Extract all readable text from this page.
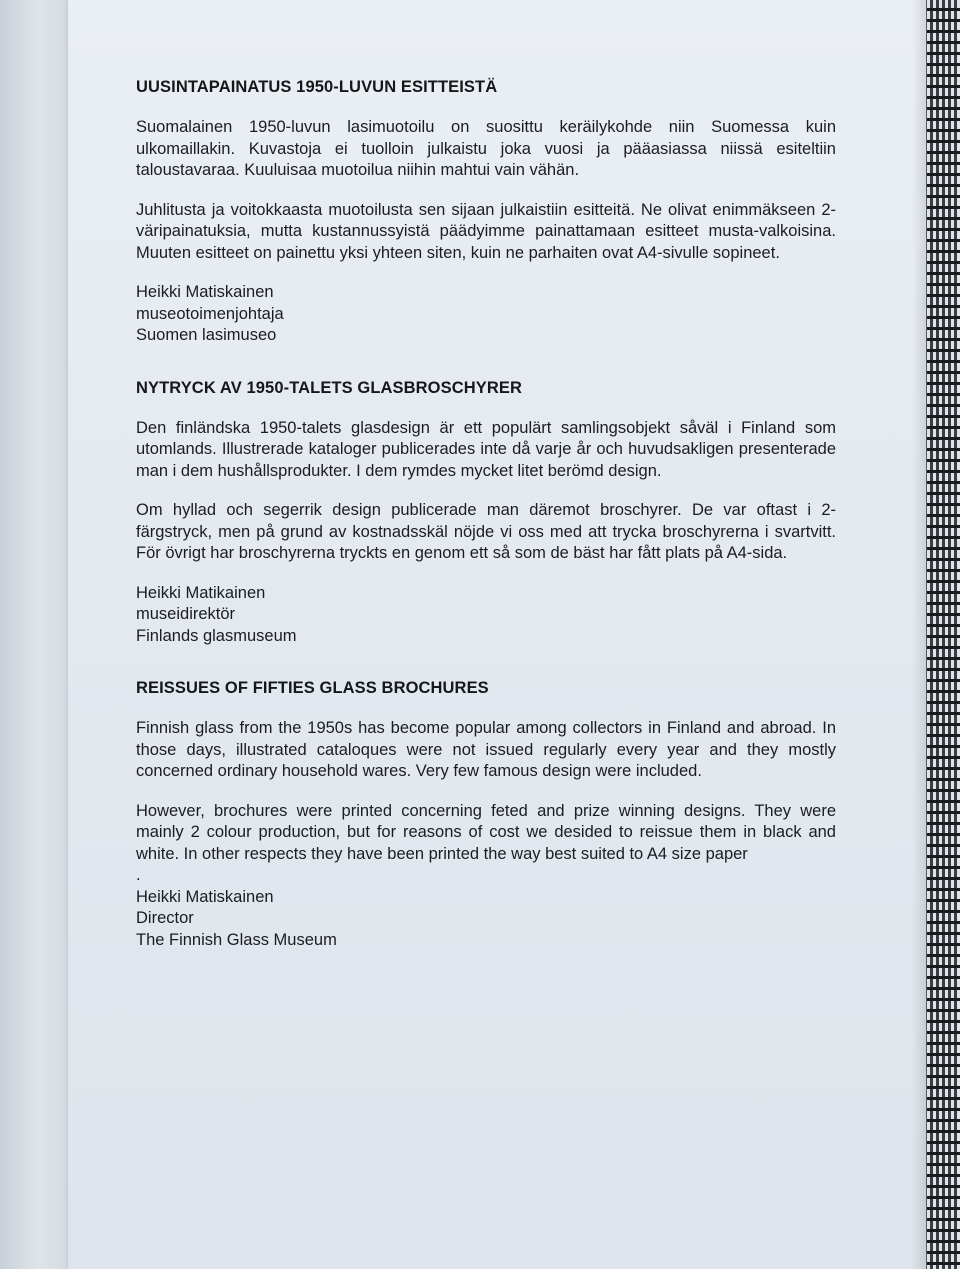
UUSINTAPAINATUS 1950-LUVUN ESITTEISTÄ

Suomalainen 1950-luvun lasimuotoilu on suosittu keräilykohde niin Suomessa kuin ulkomaillakin. Kuvastoja ei tuolloin julkaistu joka vuosi ja pääasiassa niissä esiteltiin taloustavaraa. Kuuluisaa muotoilua niihin mahtui vain vähän.

Juhlitusta ja voitokkaasta muotoilusta sen sijaan julkaistiin esitteitä. Ne olivat enimmäkseen 2-väripainatuksia, mutta kustannussyistä päädyimme painattamaan esitteet musta-valkoisina. Muuten esitteet on painettu yksi yhteen siten, kuin ne parhaiten ovat A4-sivulle sopineet.

Heikki Matiskainen
museotoimenjohtaja
Suomen lasimuseo
NYTRYCK AV 1950-TALETS GLASBROSCHYRER

Den finländska 1950-talets glasdesign är ett populärt samlingsobjekt såväl i Finland som utomlands. Illustrerade kataloger publicerades inte då varje år och huvudsakligen presenterade man i dem hushållsprodukter. I dem rymdes mycket litet berömd design.

Om hyllad och segerrik design publicerade man däremot broschyrer. De var oftast i 2-färgstryck, men på grund av kostnadsskäl nöjde vi oss med att trycka broschyrerna i svartvitt. För övrigt har broschyrerna tryckts en genom ett så som de bäst har fått plats på A4-sida.

Heikki Matikainen
museidirektör
Finlands glasmuseum
REISSUES OF FIFTIES GLASS BROCHURES

Finnish glass from the 1950s has become popular among collectors in Finland and abroad. In those days, illustrated cataloques were not issued regularly every year and they mostly concerned ordinary household wares. Very few famous design were included.

However, brochures were printed concerning feted and prize winning designs. They were mainly 2 colour production, but for reasons of cost we desided to reissue them in black and white. In other respects they have been printed the way best suited to A4 size paper

.
Heikki Matiskainen
Director
The Finnish Glass Museum
